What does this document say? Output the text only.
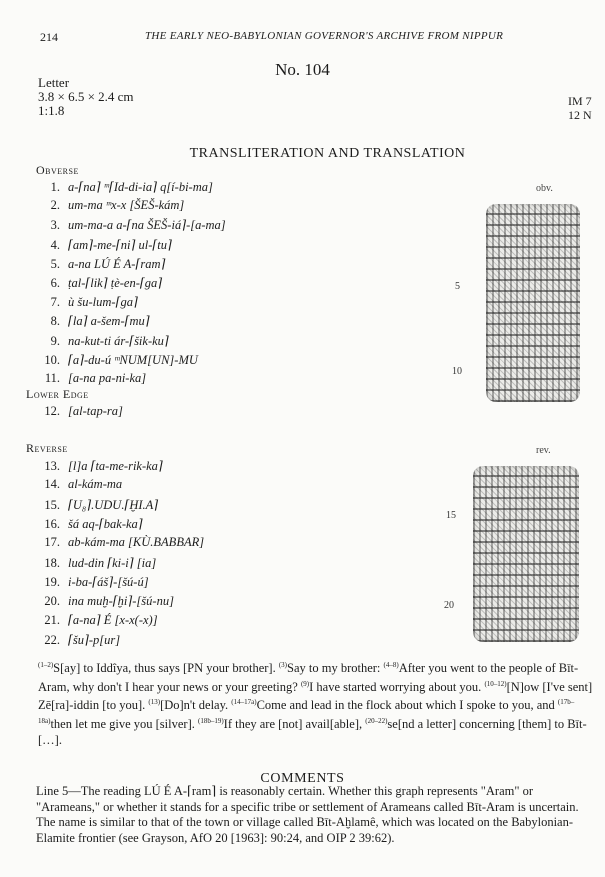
214	THE EARLY NEO-BABYLONIAN GOVERNOR'S ARCHIVE FROM NIPPUR
No. 104
Letter
3.8 × 6.5 × 2.4 cm
1:1.8
IM 7
12 N
TRANSLITERATION AND TRANSLATION
Obverse
1. a-⌈na⌉ ᵐ⌈Id-di-ia⌉ q[í-bi-ma]
2. um-ma ᵐx-x [ŠEŠ-kám]
3. um-ma-a a-⌈na ŠEŠ-iá⌉-[a-ma]
4. ⌈am⌉-me-⌈ni⌉ ul-⌈tu⌉
5. a-na LÚ É A-⌈ram⌉
6. ṭal-⌈lik⌉ ṭè-en-⌈ga⌉
7. ù šu-lum-⌈ga⌉
8. ⌈la⌉ a-šem-⌈mu⌉
9. na-kut-ti ár-⌈šik-ku⌉
10. ⌈a⌉-du-ú ᵐNUM[UN]-MU
11. [a-na pa-ni-ka]
Lower Edge
12. [al-tap-ra]
Reverse
13. [l]a ⌈ta-me-rik-ka⌉
14. al-kám-ma
15. ⌈U₈⌉.UDU.⌈ḪI.A⌉
16. šá aq-⌈bak-ka⌉
17. ab-kám-ma [KÙ.BABBAR]
18. lud-din ⌈ki-i⌉ [ia]
19. i-ba-⌈áš⌉-[šú-ú]
20. ina muḫ-⌈ḫi⌉-[šú-nu]
21. ⌈a-na⌉ É [x-x(-x)]
22. ⌈šu⌉-p[ur]
obv.
5
10
rev.
15
20
$^{(1-2)}$S[ay] to Iddîya, thus says [PN your brother]. $^{(3)}$Say to my brother: $^{(4-8)}$After you went to the people of Bīt-Aram, why don't I hear your news or your greeting? $^{(9)}$I have started worrying about you. $^{(10-12)}$[N]ow [I've sent] Zē[ra]-iddin [to you]. $^{(13)}$[Do]n't delay. $^{(14-17a)}$Come and lead in the flock about which I spoke to you, and $^{(17b-18a)}$then let me give you [silver]. $^{(18b-19)}$If they are [not] avail[able], $^{(20-22)}$se[nd a letter] concerning [them] to Bīt-[…].
COMMENTS
Line 5—The reading LÚ É A-⌈ram⌉ is reasonably certain. Whether this graph represents "Aram" or "Arameans," or whether it stands for a specific tribe or settlement of Arameans called Bīt-Aram is uncertain. The name is similar to that of the town or village called Bīt-Aḫlamê, which was located on the Babylonian-Elamite frontier (see Grayson, AfO 20 [1963]: 90:24, and OIP 2 39:62).
